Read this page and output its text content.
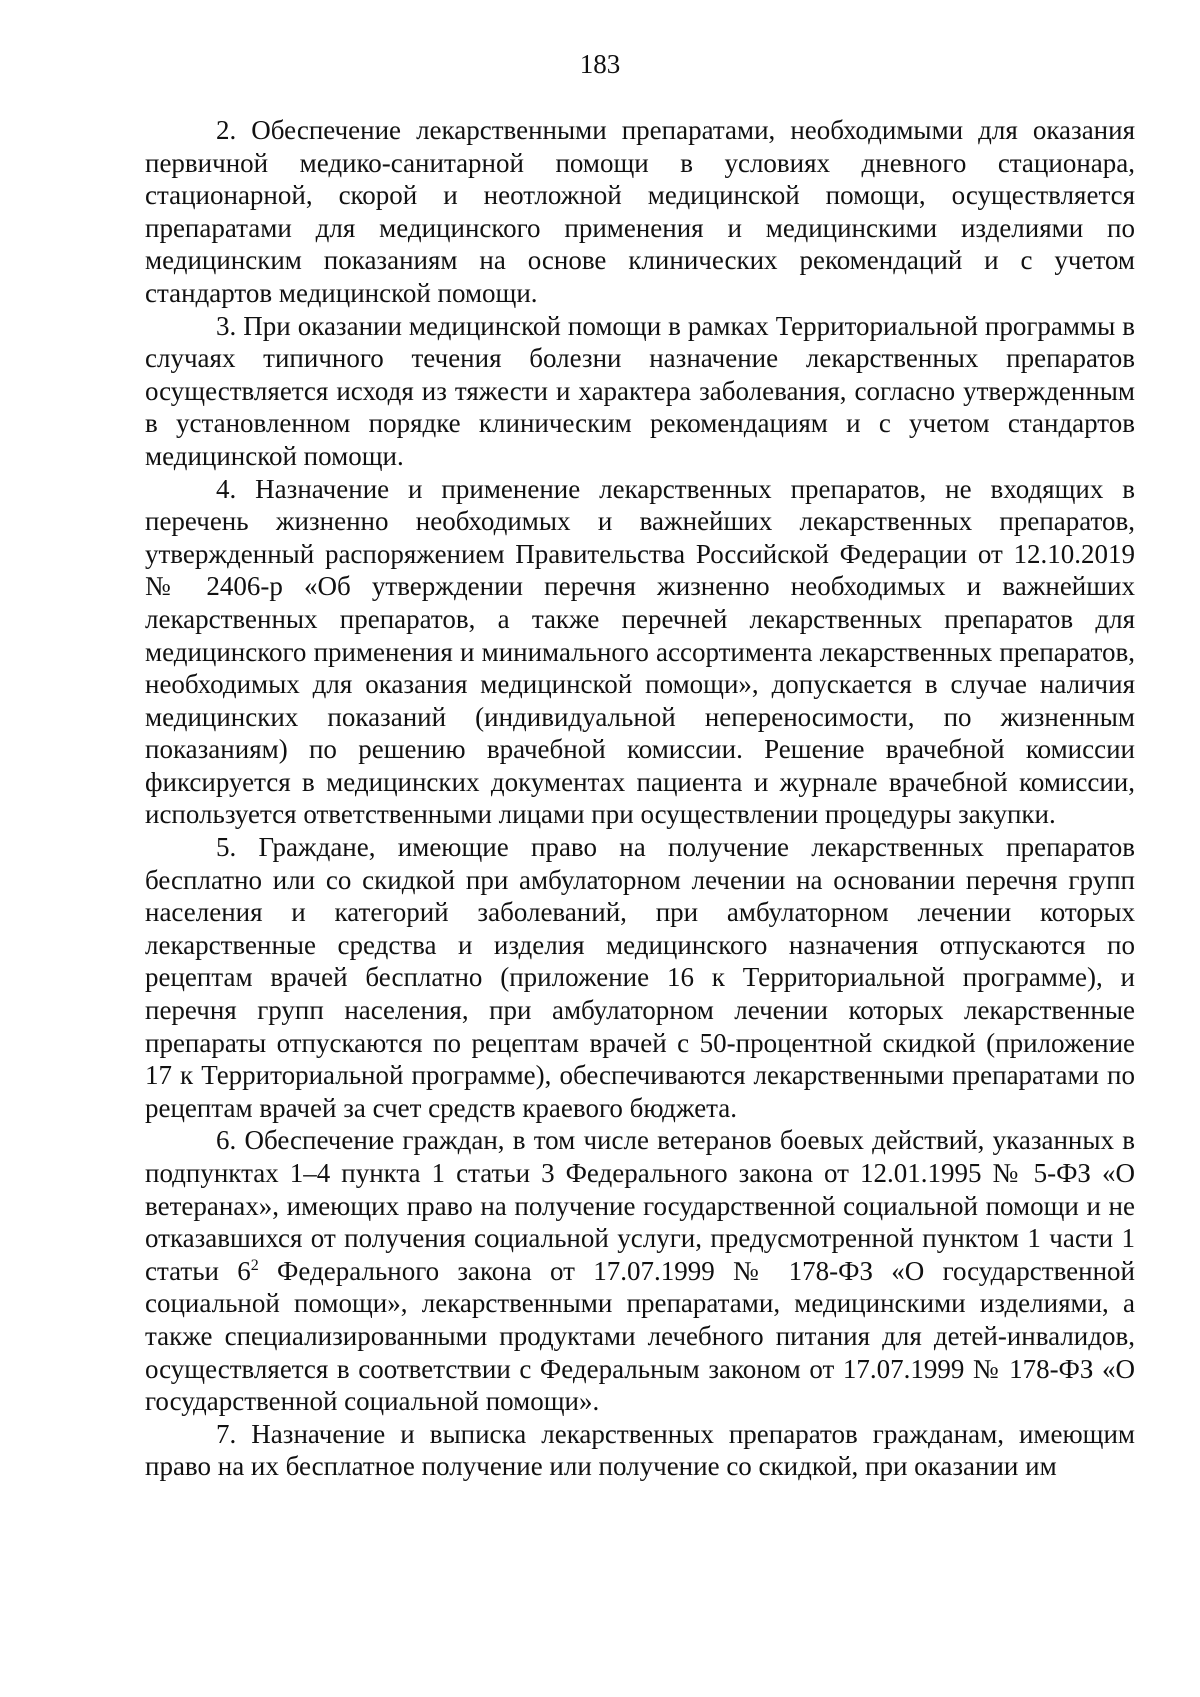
183

2. Обеспечение лекарственными препаратами, необходимыми для оказания первичной медико-санитарной помощи в условиях дневного стационара, стационарной, скорой и неотложной медицинской помощи, осуществляется препаратами для медицинского применения и медицинскими изделиями по медицинским показаниям на основе клинических рекомендаций и с учетом стандартов медицинской помощи.

3. При оказании медицинской помощи в рамках Территориальной программы в случаях типичного течения болезни назначение лекарственных препаратов осуществляется исходя из тяжести и характера заболевания, согласно утвержденным в установленном порядке клиническим рекомендациям и с учетом стандартов медицинской помощи.

4. Назначение и применение лекарственных препаратов, не входящих в перечень жизненно необходимых и важнейших лекарственных препаратов, утвержденный распоряжением Правительства Российской Федерации от 12.10.2019 № 2406-р «Об утверждении перечня жизненно необходимых и важнейших лекарственных препаратов, а также перечней лекарственных препаратов для медицинского применения и минимального ассортимента лекарственных препаратов, необходимых для оказания медицинской помощи», допускается в случае наличия медицинских показаний (индивидуальной непереносимости, по жизненным показаниям) по решению врачебной комиссии. Решение врачебной комиссии фиксируется в медицинских документах пациента и журнале врачебной комиссии, используется ответственными лицами при осуществлении процедуры закупки.

5. Граждане, имеющие право на получение лекарственных препаратов бесплатно или со скидкой при амбулаторном лечении на основании перечня групп населения и категорий заболеваний, при амбулаторном лечении которых лекарственные средства и изделия медицинского назначения отпускаются по рецептам врачей бесплатно (приложение 16 к Территориальной программе), и перечня групп населения, при амбулаторном лечении которых лекарственные препараты отпускаются по рецептам врачей с 50-процентной скидкой (приложение 17 к Территориальной программе), обеспечиваются лекарственными препаратами по рецептам врачей за счет средств краевого бюджета.

6. Обеспечение граждан, в том числе ветеранов боевых действий, указанных в подпунктах 1–4 пункта 1 статьи 3 Федерального закона от 12.01.1995 № 5-ФЗ «О ветеранах», имеющих право на получение государственной социальной помощи и не отказавшихся от получения социальной услуги, предусмотренной пунктом 1 части 1 статьи $6^2$ Федерального закона от 17.07.1999 № 178-ФЗ «О государственной социальной помощи», лекарственными препаратами, медицинскими изделиями, а также специализированными продуктами лечебного питания для детей-инвалидов, осуществляется в соответствии с Федеральным законом от 17.07.1999 № 178-ФЗ «О государственной социальной помощи».

7. Назначение и выписка лекарственных препаратов гражданам, имеющим право на их бесплатное получение или получение со скидкой, при оказании им
